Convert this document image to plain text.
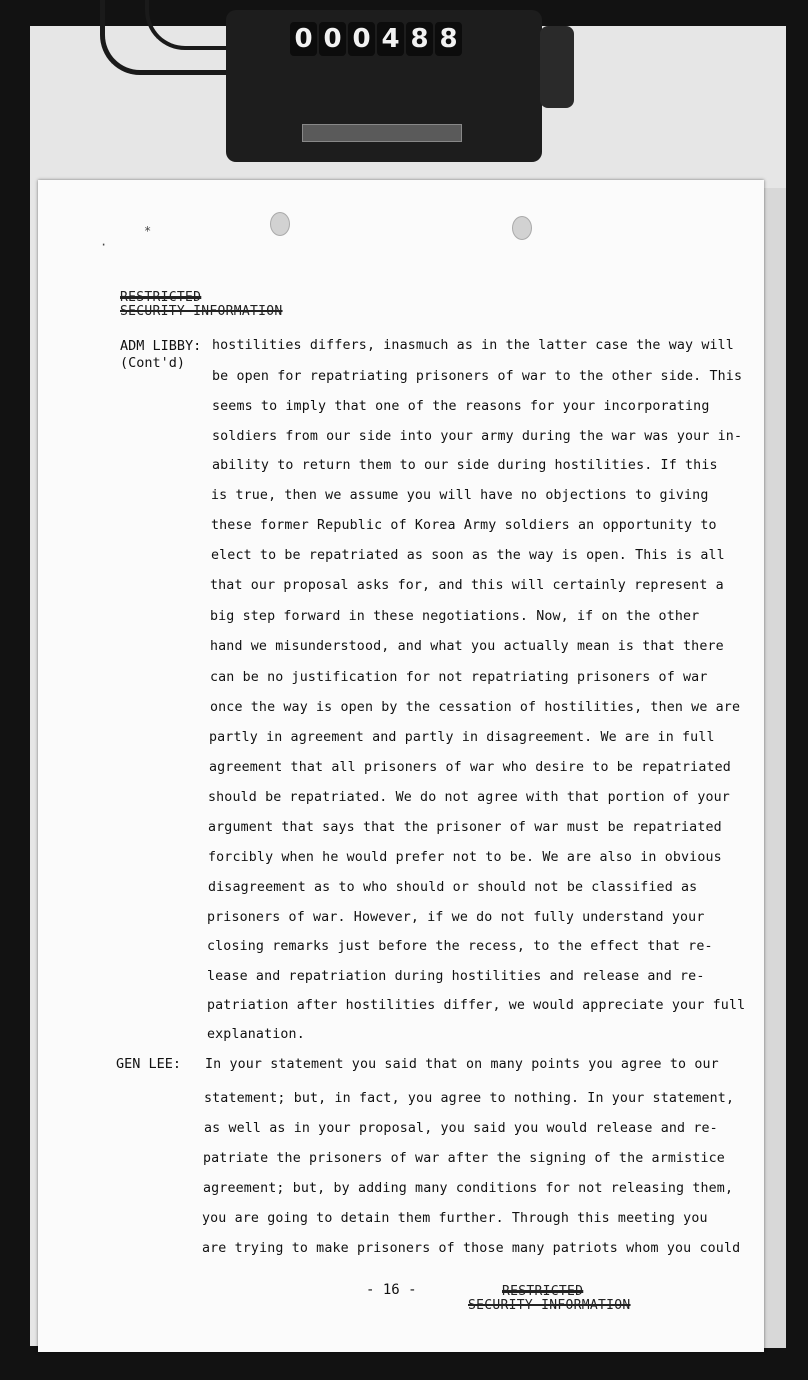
0 0 0 4 8 8
·
*
RESTRICTED
SECURITY INFORMATION
ADM LIBBY:
(Cont'd)
GEN LEE:
hostilities differs, inasmuch as in the latter case the way will
be open for repatriating prisoners of war to the other side. This
seems to imply that one of the reasons for your incorporating
soldiers from our side into your army during the war was your in-
ability to return them to our side during hostilities. If this
is true, then we assume you will have no objections to giving
these former Republic of Korea Army soldiers an opportunity to
elect to be repatriated as soon as the way is open. This is all
that our proposal asks for, and this will certainly represent a
big step forward in these negotiations. Now, if on the other
hand we misunderstood, and what you actually mean is that there
can be no justification for not repatriating prisoners of war
once the way is open by the cessation of hostilities, then we are
partly in agreement and partly in disagreement. We are in full
agreement that all prisoners of war who desire to be repatriated
should be repatriated. We do not agree with that portion of your
argument that says that the prisoner of war must be repatriated
forcibly when he would prefer not to be. We are also in obvious
disagreement as to who should or should not be classified as
prisoners of war. However, if we do not fully understand your
closing remarks just before the recess, to the effect that re-
lease and repatriation during hostilities and release and re-
patriation after hostilities differ, we would appreciate your full
explanation.
In your statement you said that on many points you agree to our
statement; but, in fact, you agree to nothing. In your statement,
as well as in your proposal, you said you would release and re-
patriate the prisoners of war after the signing of the armistice
agreement; but, by adding many conditions for not releasing them,
you are going to detain them further. Through this meeting you
are trying to make prisoners of those many patriots whom you could
- 16 -	RESTRICTED
SECURITY INFORMATION
